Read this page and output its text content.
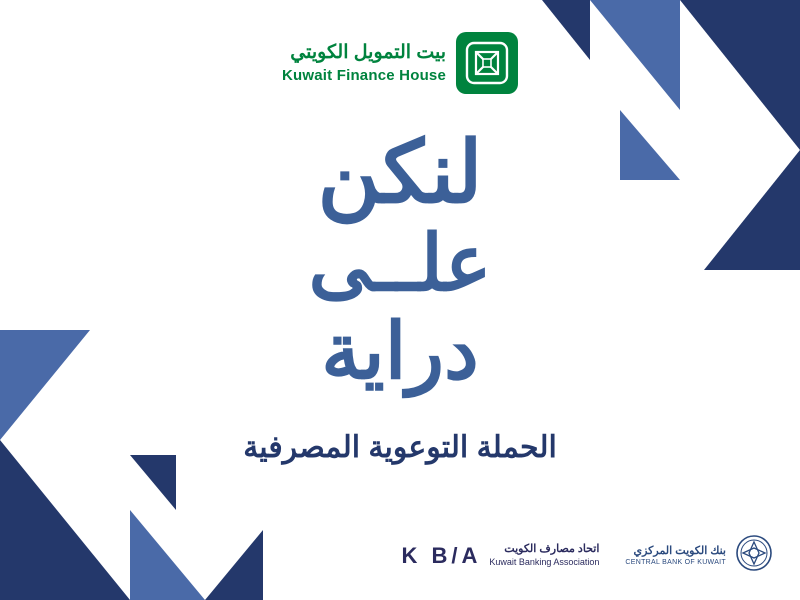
بيت التمويل الكويتي
Kuwait Finance House
لنكن
علــى
دراية
الحملة التوعوية المصرفية
K B/A	اتحاد مصارف الكويت
Kuwait Banking Association
بنك الكويت المركزي
CENTRAL BANK OF KUWAIT
